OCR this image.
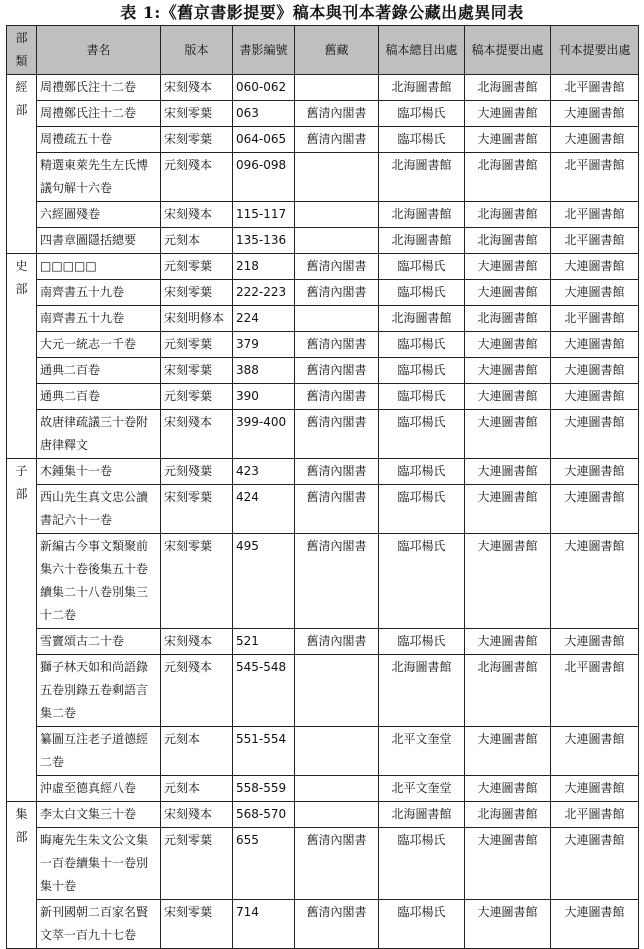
表 1:《舊京書影提要》稿本與刊本著錄公藏出處異同表
部類	書名	版本	書影編號	舊藏	稿本總目出處	稿本提要出處	刊本提要出處

經部	周禮鄭氏注十二卷	宋刻殘本	060-062		北海圖書館	北海圖書館	北平圖書館
	周禮鄭氏注十二卷	宋刻零葉	063	舊清內閣書	臨邛楊氏	大連圖書館	大連圖書館
	周禮疏五十卷	宋刻零葉	064-065	舊清內閣書	臨邛楊氏	大連圖書館	大連圖書館
	精選東萊先生左氏博議句解十六卷	元刻殘本	096-098		北海圖書館	北海圖書館	北平圖書館
	六經圖殘卷	宋刻殘本	115-117		北海圖書館	北海圖書館	北平圖書館
	四書章圖隱括總要	元刻本	135-136		北海圖書館	北海圖書館	北平圖書館

史部	□□□□□	元刻零葉	218	舊清內閣書	臨邛楊氏	大連圖書館	大連圖書館
	南齊書五十九卷	宋刻零葉	222-223	舊清內閣書	臨邛楊氏	大連圖書館	大連圖書館
	南齊書五十九卷	宋刻明修本	224		北海圖書館	北海圖書館	北平圖書館
	大元一統志一千卷	元刻零葉	379	舊清內閣書	臨邛楊氏	大連圖書館	大連圖書館
	通典二百卷	宋刻零葉	388	舊清內閣書	臨邛楊氏	大連圖書館	大連圖書館
	通典二百卷	元刻零葉	390	舊清內閣書	臨邛楊氏	大連圖書館	大連圖書館
	故唐律疏議三十卷附唐律釋文	宋刻殘本	399-400	舊清內閣書	臨邛楊氏	大連圖書館	大連圖書館

子部	木鍾集十一卷	元刻殘葉	423	舊清內閣書	臨邛楊氏	大連圖書館	大連圖書館
	西山先生真文忠公讀書記六十一卷	宋刻零葉	424	舊清內閣書	臨邛楊氏	大連圖書館	大連圖書館
	新編古今事文類聚前集六十卷後集五十卷續集二十八卷別集三十二卷	宋刻零葉	495	舊清內閣書	臨邛楊氏	大連圖書館	大連圖書館
	雪竇頌古二十卷	宋刻殘本	521	舊清內閣書	臨邛楊氏	大連圖書館	大連圖書館
	獅子林天如和尚語錄五卷別錄五卷剩語言集二卷	元刻殘本	545-548		北海圖書館	北海圖書館	北平圖書館
	纂圖互注老子道德經二卷	元刻本	551-554		北平文奎堂	大連圖書館	大連圖書館
	沖虛至德真經八卷	元刻本	558-559		北平文奎堂	大連圖書館	大連圖書館

集部	李太白文集三十卷	宋刻殘本	568-570		北海圖書館	北海圖書館	北平圖書館
	晦庵先生朱文公文集一百卷續集十一卷別集十卷	元刻零葉	655	舊清內閣書	臨邛楊氏	大連圖書館	大連圖書館
	新刊國朝二百家名賢文萃一百九十七卷	宋刻零葉	714	舊清內閣書	臨邛楊氏	大連圖書館	大連圖書館
